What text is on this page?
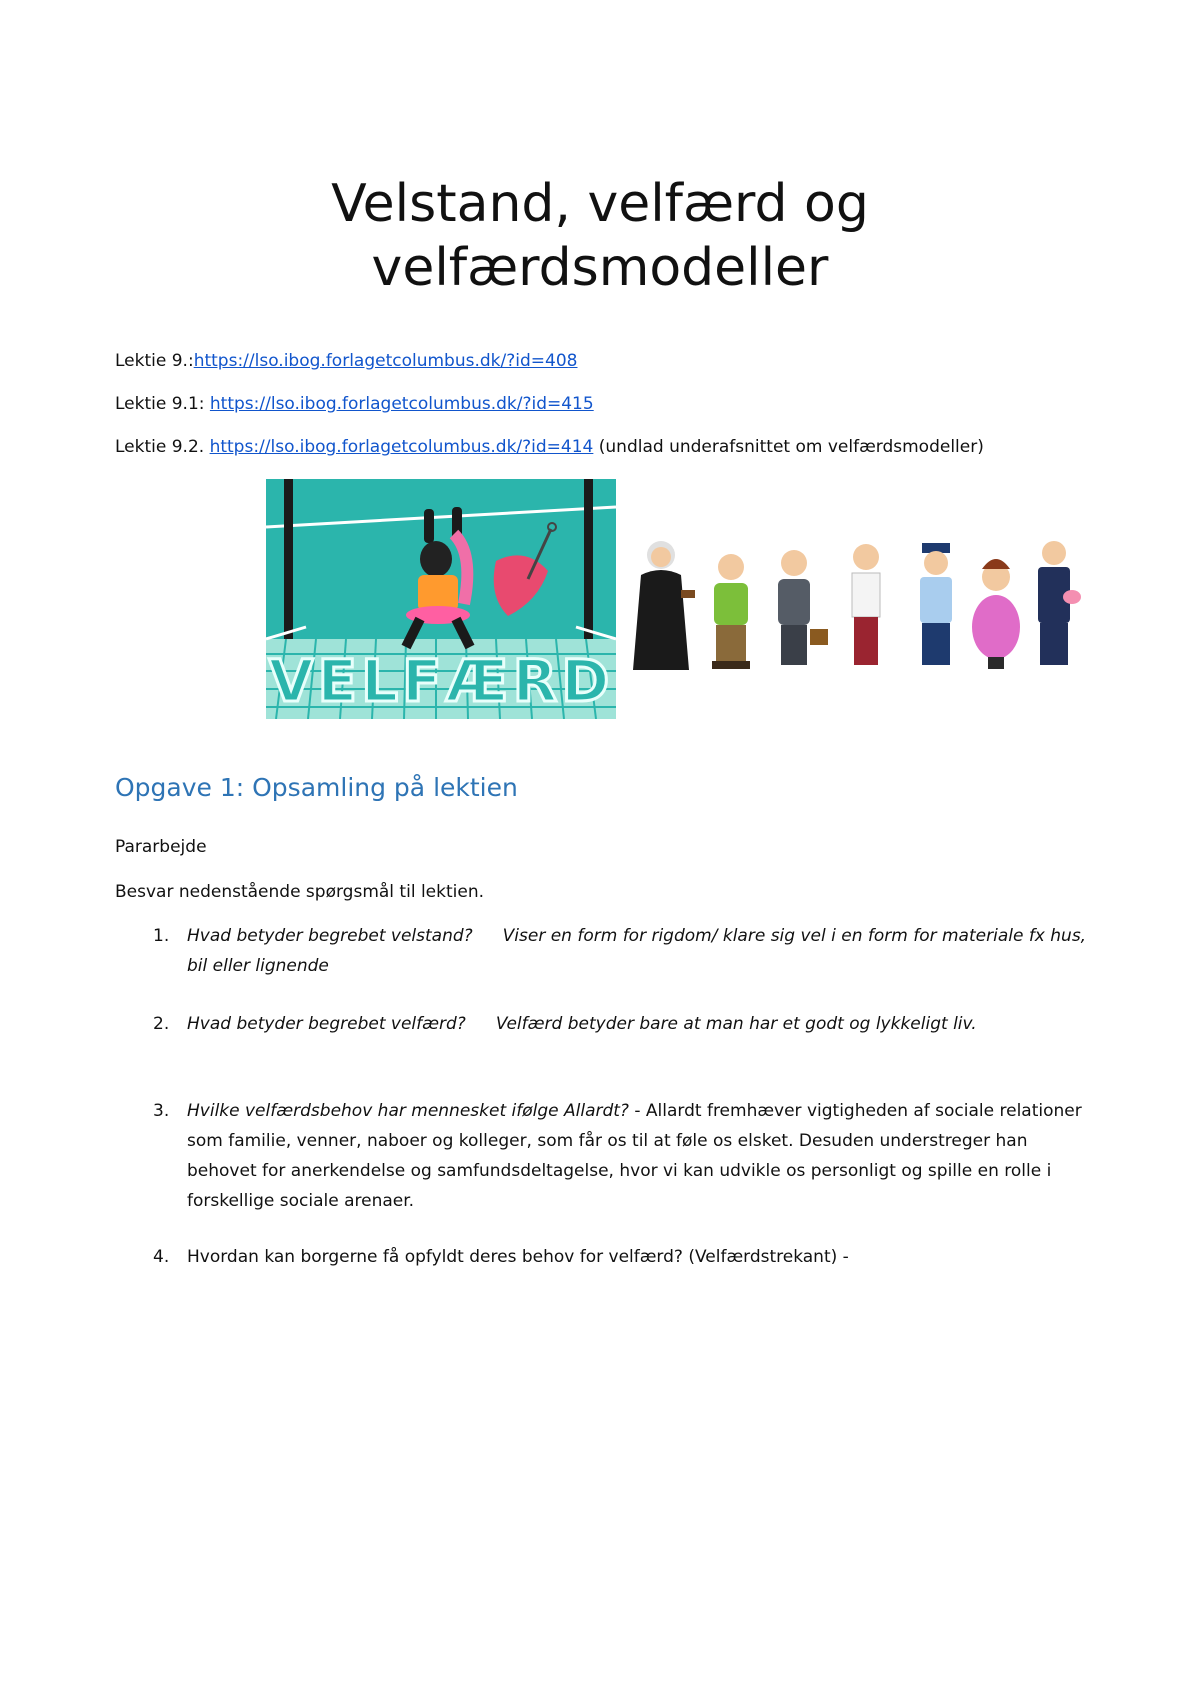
Velstand, velfærd og
velfærdsmodeller

Lektie 9.:https://lso.ibog.forlagetcolumbus.dk/?id=408

Lektie 9.1: https://lso.ibog.forlagetcolumbus.dk/?id=415

Lektie 9.2. https://lso.ibog.forlagetcolumbus.dk/?id=414 (undlad underafsnittet om velfærdsmodeller)

VELFÆRD
Opgave 1: Opsamling på lektien

Pararbejde

Besvar nedenstående spørgsmål til lektien.

1. Hvad betyder begrebet velstand? Viser en form for rigdom/ klare sig vel i en form for materiale fx hus, bil eller lignende
2. Hvad betyder begrebet velfærd? Velfærd betyder bare at man har et godt og lykkeligt liv.
3. Hvilke velfærdsbehov har mennesket ifølge Allardt? - Allardt fremhæver vigtigheden af sociale relationer som familie, venner, naboer og kolleger, som får os til at føle os elsket. Desuden understreger han behovet for anerkendelse og samfundsdeltagelse, hvor vi kan udvikle os personligt og spille en rolle i forskellige sociale arenaer.
4. Hvordan kan borgerne få opfyldt deres behov for velfærd? (Velfærdstrekant) -
